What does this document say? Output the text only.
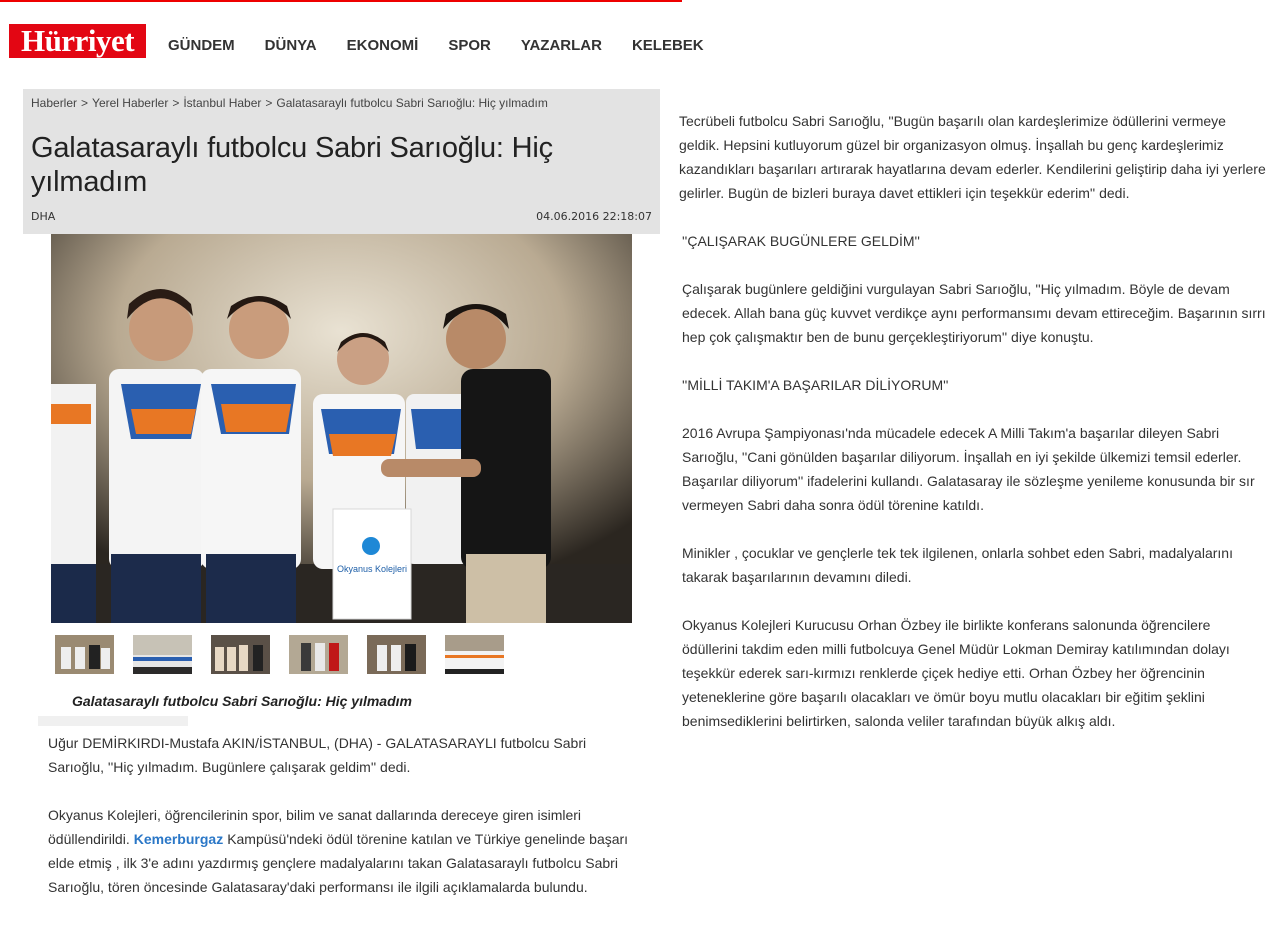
Hürriyet	GÜNDEM DÜNYA EKONOMİ SPOR YAZARLAR KELEBEK
Haberler > Yerel Haberler > İstanbul Haber > Galatasaraylı futbolcu Sabri Sarıoğlu: Hiç yılmadım
Galatasaraylı futbolcu Sabri Sarıoğlu: Hiç yılmadım
DHA	04.06.2016 22:18:07
Okyanus Kolejleri
Galatasaraylı futbolcu Sabri Sarıoğlu: Hiç yılmadım

Uğur DEMİRKIRDI-Mustafa AKIN/İSTANBUL, (DHA) - GALATASARAYLI futbolcu Sabri Sarıoğlu, ''Hiç yılmadım. Bugünlere çalışarak geldim'' dedi.

Okyanus Kolejleri, öğrencilerinin spor, bilim ve sanat dallarında dereceye giren isimleri ödüllendirildi. Kemerburgaz Kampüsü'ndeki ödül törenine katılan ve Türkiye genelinde başarı elde etmiş , ilk 3'e adını yazdırmış gençlere madalyalarını takan Galatasaraylı futbolcu Sabri Sarıoğlu, tören öncesinde Galatasaray'daki performansı ile ilgili açıklamalarda bulundu.

Tecrübeli futbolcu Sabri Sarıoğlu, ''Bugün başarılı olan kardeşlerimize ödüllerini vermeye geldik. Hepsini kutluyorum güzel bir organizasyon olmuş. İnşallah bu genç kardeşlerimiz kazandıkları başarıları artırarak hayatlarına devam ederler. Kendilerini geliştirip daha iyi yerlere gelirler. Bugün de bizleri buraya davet ettikleri için teşekkür ederim'' dedi.

''ÇALIŞARAK BUGÜNLERE GELDİM''

Çalışarak bugünlere geldiğini vurgulayan Sabri Sarıoğlu, ''Hiç yılmadım. Böyle de devam edecek. Allah bana güç kuvvet verdikçe aynı performansımı devam ettireceğim. Başarının sırrı hep çok çalışmaktır ben de bunu gerçekleştiriyorum'' diye konuştu.

''MİLLİ TAKIM'A BAŞARILAR DİLİYORUM''

2016 Avrupa Şampiyonası'nda mücadele edecek A Milli Takım'a başarılar dileyen Sabri Sarıoğlu, ''Cani gönülden başarılar diliyorum. İnşallah en iyi şekilde ülkemizi temsil ederler. Başarılar diliyorum'' ifadelerini kullandı. Galatasaray ile sözleşme yenileme konusunda bir sır vermeyen Sabri daha sonra ödül törenine katıldı.

Minikler , çocuklar ve gençlerle tek tek ilgilenen, onlarla sohbet eden Sabri, madalyalarını takarak başarılarının devamını diledi.

Okyanus Kolejleri Kurucusu Orhan Özbey ile birlikte konferans salonunda öğrencilere ödüllerini takdim eden milli futbolcuya Genel Müdür Lokman Demiray katılımından dolayı teşekkür ederek sarı-kırmızı renklerde çiçek hediye etti. Orhan Özbey her öğrencinin yeteneklerine göre başarılı olacakları ve ömür boyu mutlu olacakları bir eğitim şeklini benimsediklerini belirtirken, salonda veliler tarafından büyük alkış aldı.
